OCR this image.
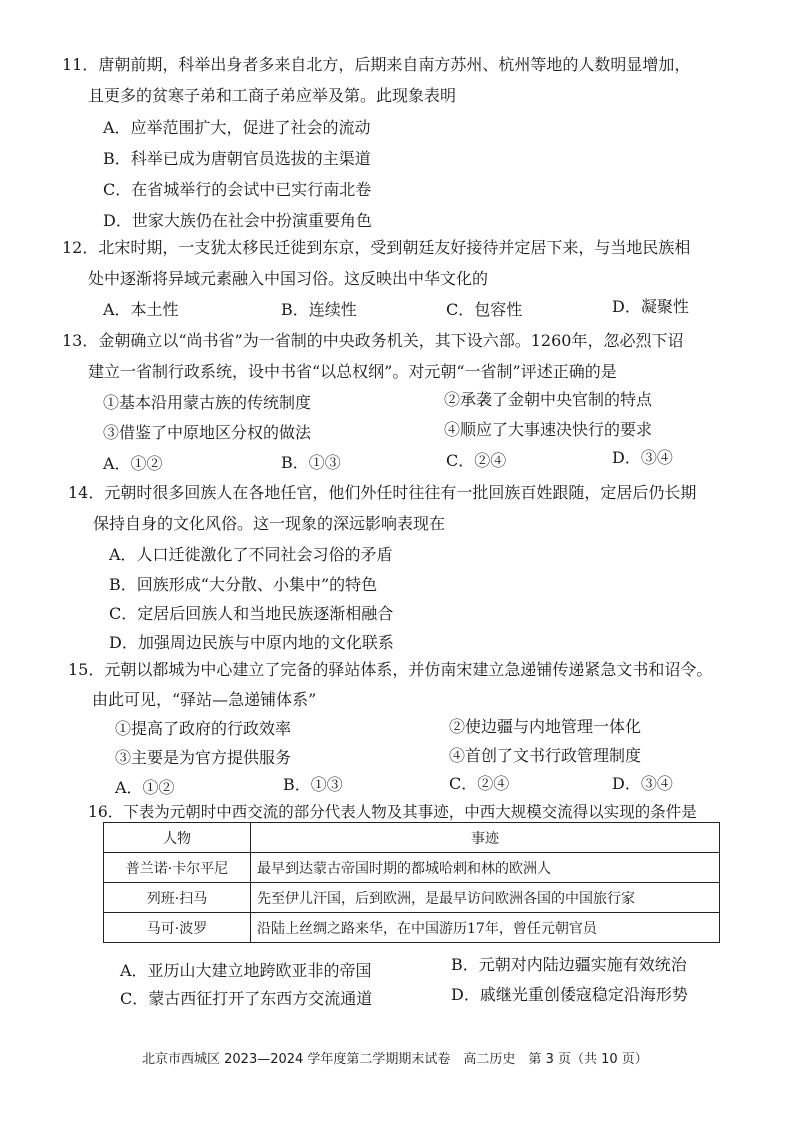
11．唐朝前期，科举出身者多来自北方，后期来自南方苏州、杭州等地的人数明显增加，
且更多的贫寒子弟和工商子弟应举及第。此现象表明
A．应举范围扩大，促进了社会的流动
B．科举已成为唐朝官员选拔的主渠道
C．在省城举行的会试中已实行南北卷
D．世家大族仍在社会中扮演重要角色
12．北宋时期，一支犹太移民迁徙到东京，受到朝廷友好接待并定居下来，与当地民族相
处中逐渐将异域元素融入中国习俗。这反映出中华文化的
A．本土性	B．连续性	C．包容性	D．凝聚性
13．金朝确立以“尚书省”为一省制的中央政务机关，其下设六部。1260年，忽必烈下诏
建立一省制行政系统，设中书省“以总权纲”。对元朝“一省制”评述正确的是
①基本沿用蒙古族的传统制度	②承袭了金朝中央官制的特点
③借鉴了中原地区分权的做法	④顺应了大事速决快行的要求
A．①②	B．①③	C．②④	D．③④
14．元朝时很多回族人在各地任官，他们外任时往往有一批回族百姓跟随，定居后仍长期
保持自身的文化风俗。这一现象的深远影响表现在
A．人口迁徙激化了不同社会习俗的矛盾
B．回族形成“大分散、小集中”的特色
C．定居后回族人和当地民族逐渐相融合
D．加强周边民族与中原内地的文化联系
15．元朝以都城为中心建立了完备的驿站体系，并仿南宋建立急递铺传递紧急文书和诏令。
由此可见，“驿站—急递铺体系”
①提高了政府的行政效率	②使边疆与内地管理一体化
③主要是为官方提供服务	④首创了文书行政管理制度
A．①②	B．①③	C．②④	D．③④
16．下表为元朝时中西交流的部分代表人物及其事迹，中西大规模交流得以实现的条件是
人物	事迹
普兰诺·卡尔平尼	最早到达蒙古帝国时期的都城哈剌和林的欧洲人
列班·扫马	先至伊儿汗国，后到欧洲，是最早访问欧洲各国的中国旅行家
马可·波罗	沿陆上丝绸之路来华，在中国游历17年，曾任元朝官员
A．亚历山大建立地跨欧亚非的帝国	B．元朝对内陆边疆实施有效统治
C．蒙古西征打开了东西方交流通道	D．戚继光重创倭寇稳定沿海形势
北京市西城区 2023—2024 学年度第二学期期末试卷　高二历史　第 3 页（共 10 页）
